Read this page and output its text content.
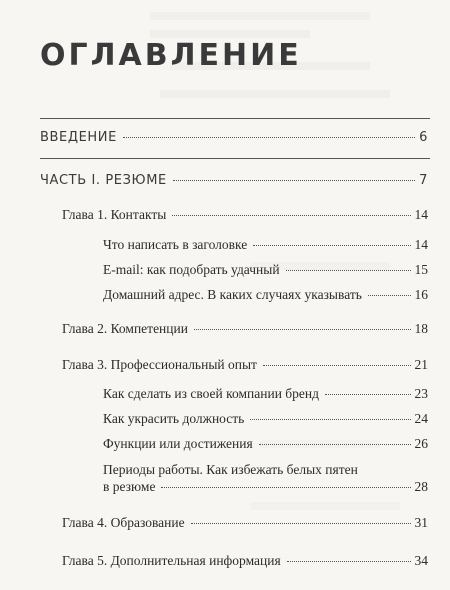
ОГЛАВЛЕНИЕ
ВВЕДЕНИЕ	6
ЧАСТЬ I. РЕЗЮМЕ	7
Глава 1. Контакты	14
Что написать в заголовке	14
E-mail: как подобрать удачный	15
Домашний адрес. В каких случаях указывать	16
Глава 2. Компетенции	18
Глава 3. Профессиональный опыт	21
Как сделать из своей компании бренд	23
Как украсить должность	24
Функции или достижения	26
Периоды работы. Как избежать белых пятен
в резюме	28
Глава 4. Образование	31
Глава 5. Дополнительная информация	34
